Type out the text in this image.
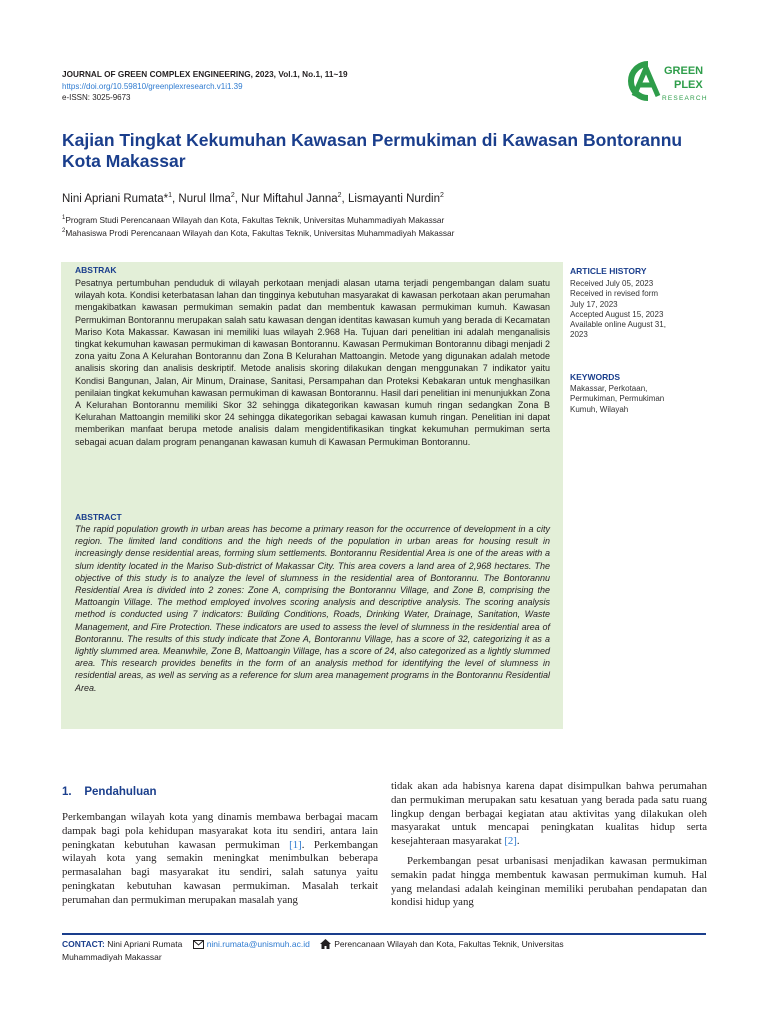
JOURNAL OF GREEN COMPLEX ENGINEERING, 2023, Vol.1, No.1, 11~19
https://doi.org/10.59810/greenplexresearch.v1i1.39
e-ISSN: 3025-9673
GREEN
PLEX
RESEARCH
Kajian Tingkat Kekumuhan Kawasan Permukiman di Kawasan Bontorannu Kota Makassar
Nini Apriani Rumata*$^1$, Nurul Ilma$^2$, Nur Miftahul Janna$^2$, Lismayanti Nurdin$^2$
$^1$Program Studi Perencanaan Wilayah dan Kota, Fakultas Teknik, Universitas Muhammadiyah Makassar
$^2$Mahasiswa Prodi Perencanaan Wilayah dan Kota, Fakultas Teknik, Universitas Muhammadiyah Makassar
ABSTRAK
Pesatnya pertumbuhan penduduk di wilayah perkotaan menjadi alasan utama terjadi pengembangan dalam suatu wilayah kota. Kondisi keterbatasan lahan dan tingginya kebutuhan masyarakat di kawasan perkotaan akan perumahan mengakibatkan kawasan permukiman semakin padat dan membentuk kawasan permukiman kumuh. Kawasan Permukiman Bontorannu merupakan salah satu kawasan dengan identitas kawasan kumuh yang berada di Kecamatan Mariso Kota Makassar. Kawasan ini memiliki luas wilayah 2.968 Ha. Tujuan dari penelitian ini adalah menganalisis tingkat kekumuhan kawasan permukiman di kawasan Bontorannu. Kawasan Permukiman Bontorannu dibagi menjadi 2 zona yaitu Zona A Kelurahan Bontorannu dan Zona B Kelurahan Mattoangin. Metode yang digunakan adalah metode analisis skoring dan analisis deskriptif. Metode analisis skoring dilakukan dengan menggunakan 7 indikator yaitu Kondisi Bangunan, Jalan, Air Minum, Drainase, Sanitasi, Persampahan dan Proteksi Kebakaran untuk menghasilkan penilaian tingkat kekumuhan kawasan permukiman di kawasan Bontorannu. Hasil dari penelitian ini menunjukkan Zona A Kelurahan Bontorannu memiliki Skor 32 sehingga dikategorikan kawasan kumuh ringan sedangkan Zona B Kelurahan Mattoangin memiliki skor 24 sehingga dikategorikan sebagai kawasan kumuh ringan. Penelitian ini dapat memberikan manfaat berupa metode analisis dalam mengidentifikasikan tingkat kekumuhan permukiman serta sebagai acuan dalam program penanganan kawasan kumuh di Kawasan Permukiman Bontorannu.
ABSTRACT
The rapid population growth in urban areas has become a primary reason for the occurrence of development in a city region. The limited land conditions and the high needs of the population in urban areas for housing result in increasingly dense residential areas, forming slum settlements. Bontorannu Residential Area is one of the areas with a slum identity located in the Mariso Sub-district of Makassar City. This area covers a land area of 2,968 hectares. The objective of this study is to analyze the level of slumness in the residential area of Bontorannu. The Bontorannu Residential Area is divided into 2 zones: Zone A, comprising the Bontorannu Village, and Zone B, comprising the Mattoangin Village. The method employed involves scoring analysis and descriptive analysis. The scoring analysis method is conducted using 7 indicators: Building Conditions, Roads, Drinking Water, Drainage, Sanitation, Waste Management, and Fire Protection. These indicators are used to assess the level of slumness in the residential area of Bontorannu. The results of this study indicate that Zone A, Bontorannu Village, has a score of 32, categorizing it as a lightly slummed area. Meanwhile, Zone B, Mattoangin Village, has a score of 24, also categorized as a lightly slummed area. This research provides benefits in the form of an analysis method for identifying the level of slumness in residential areas, as well as serving as a reference for slum area management programs in the Bontorannu Residential Area.
ARTICLE HISTORY
Received July 05, 2023
Received in revised form
July 17, 2023
Accepted August 15, 2023
Available online August 31,
2023
KEYWORDS
Makassar, Perkotaan,
Permukiman, Permukiman
Kumuh, Wilayah
1.    Pendahuluan

Perkembangan wilayah kota yang dinamis membawa berbagai macam dampak bagi pola kehidupan masyarakat kota itu sendiri, antara lain peningkatan kebutuhan kawasan permukiman [1]. Perkembangan wilayah kota yang semakin meningkat menimbulkan beberapa permasalahan bagi masyarakat itu sendiri, salah satunya yaitu peningkatan kebutuhan kawasan permukiman. Masalah terkait perumahan dan permukiman merupakan masalah yang

tidak akan ada habisnya karena dapat disimpulkan bahwa perumahan dan permukiman merupakan satu kesatuan yang berada pada satu ruang lingkup dengan berbagai kegiatan atau aktivitas yang dilakukan oleh masyarakat untuk mencapai peningkatan kualitas hidup serta kesejahteraan masyarakat [2].

Perkembangan pesat urbanisasi menjadikan kawasan permukiman semakin padat hingga membentuk kawasan permukiman kumuh. Hal yang melandasi adalah keinginan memiliki perubahan pendapatan dan kondisi hidup yang

CONTACT: Nini Apriani Rumata	nini.rumata@unismuh.ac.id	Perencanaan Wilayah dan Kota, Fakultas Teknik, Universitas
Muhammadiyah Makassar
